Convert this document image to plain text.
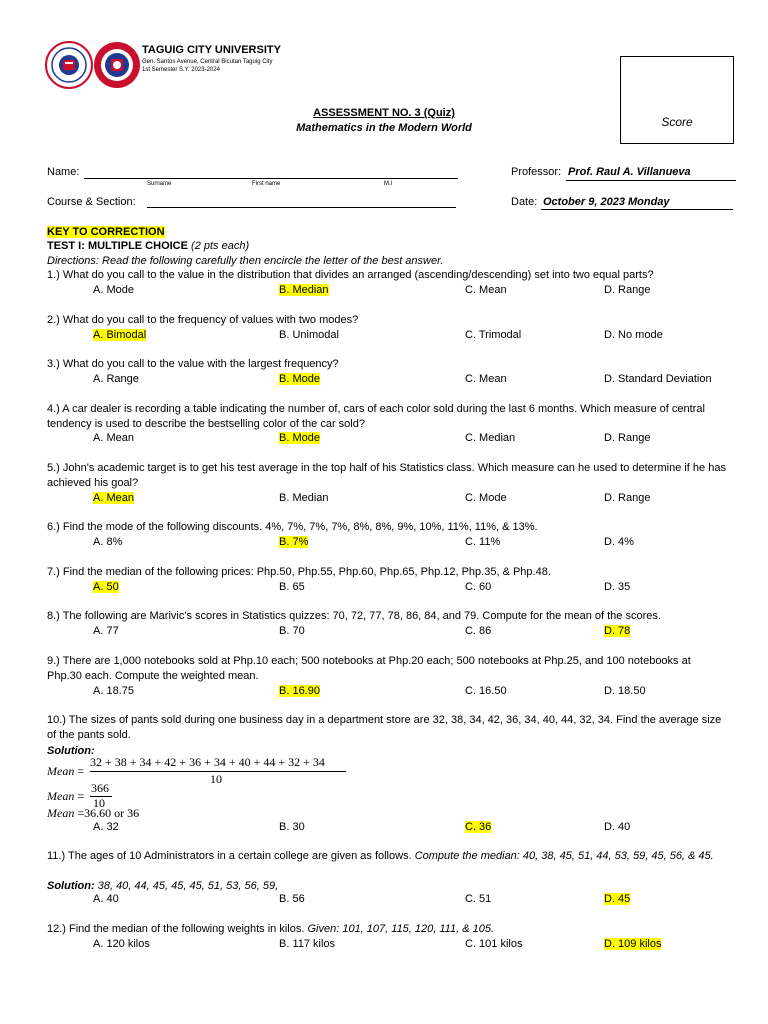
TAGUIG CITY UNIVERSITY
Gen. Santos Avenue, Central Bicutan Taguig City
1st Semester S.Y. 2023-2024
Score
ASSESSMENT NO. 3 (Quiz)
Mathematics in the Modern World
Name:
Surname	First name	M.I
Course & Section:
Professor: Prof. Raul A. Villanueva
Date: October 9, 2023 Monday
KEY TO CORRECTION
TEST I: MULTIPLE CHOICE (2 pts each)
Directions: Read the following carefully then encircle the letter of the best answer.
1.) What do you call to the value in the distribution that divides an arranged (ascending/descending) set into two equal parts?
A. Mode	B. Median	C. Mean	D. Range
2.) What do you call to the frequency of values with two modes?
A. Bimodal	B. Unimodal	C. Trimodal	D. No mode
3.) What do you call to the value with the largest frequency?
A. Range	B. Mode	C. Mean	D. Standard Deviation
4.) A car dealer is recording a table indicating the number of, cars of each color sold during the last 6 months. Which measure of central tendency is used to describe the bestselling color of the car sold?
A. Mean	B. Mode	C. Median	D. Range
5.) John's academic target is to get his test average in the top half of his Statistics class. Which measure can he used to determine if he has achieved his goal?
A. Mean	B. Median	C. Mode	D. Range
6.) Find the mode of the following discounts. 4%, 7%, 7%, 7%, 8%, 8%, 9%, 10%, 11%, 11%, & 13%.
A. 8%	B. 7%	C. 11%	D. 4%
7.) Find the median of the following prices: Php.50, Php.55, Php.60, Php.65, Php.12, Php.35, & Php.48.
A. 50	B. 65	C. 60	D. 35
8.) The following are Marivic's scores in Statistics quizzes: 70, 72, 77, 78, 86, 84, and 79. Compute for the mean of the scores.
A. 77	B. 70	C. 86	D. 78
9.) There are 1,000 notebooks sold at Php.10 each; 500 notebooks at Php.20 each; 500 notebooks at Php.25, and 100 notebooks at Php.30 each. Compute the weighted mean.
A. 18.75	B. 16.90	C. 16.50	D. 18.50
10.) The sizes of pants sold during one business day in a department store are 32, 38, 34, 42, 36, 34, 40, 44, 32, 34. Find the average size of the pants sold.
A. 32	B. 30	C. 36	D. 40
11.) The ages of 10 Administrators in a certain college are given as follows. Compute the median: 40, 38, 45, 51, 44, 53, 59, 45, 56, & 45.
A. 40	B. 56	C. 51	D. 45
12.) Find the median of the following weights in kilos. Given: 101, 107, 115, 120, 111, & 105.
A. 120 kilos	B. 117 kilos	C. 101 kilos	D. 109 kilos
Solution:
Mean =
32 + 38 + 34 + 42 + 36 + 34 + 40 + 44 + 32 + 34
10
Mean =
366
10
Mean =36.60 or 36
Solution: 38, 40, 44, 45, 45, 45, 51, 53, 56, 59,
